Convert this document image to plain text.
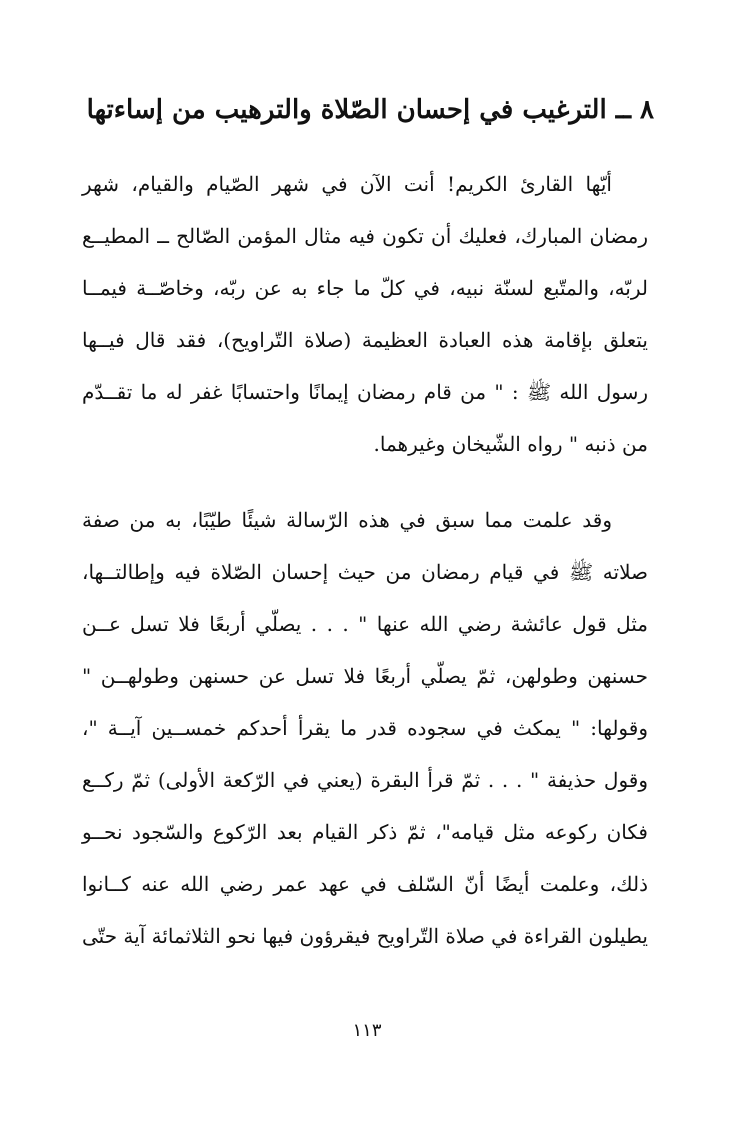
٨ ــ الترغيب في إحسان الصّلاة والترهيب من إساءتها
أيّها القارئ الكريم! أنت الآن في شهر الصّيام والقيام، شهر
رمضان المبارك، فعليك أن تكون فيه مثال المؤمن الصّالح ــ المطيــع
لربّه، والمتّبع لسنّة نبيه، في كلّ ما جاء به عن ربّه، وخاصّــة فيمــا
يتعلق بإقامة هذه العبادة العظيمة (صلاة التّراويح)، فقد قال فيــها
رسول الله ﷺ : " من قام رمضان إيمانًا واحتسابًا غفر له ما تقــدّم
من ذنبه " رواه الشّيخان وغيرهما.
وقد علمت مما سبق في هذه الرّسالة شيئًا طيّبًا، به من صفة
صلاته ﷺ في قيام رمضان من حيث إحسان الصّلاة فيه وإطالتــها،
مثل قول عائشة رضي الله عنها " . . . يصلّي أربعًا فلا تسل عــن
حسنهن وطولهن، ثمّ يصلّي أربعًا فلا تسل عن حسنهن وطولهــن "
وقولها: " يمكث في سجوده قدر ما يقرأ أحدكم خمســين آيــة "،
وقول حذيفة " . . . ثمّ قرأ البقرة (يعني في الرّكعة الأولى) ثمّ ركــع
فكان ركوعه مثل قيامه"، ثمّ ذكر القيام بعد الرّكوع والسّجود نحــو
ذلك، وعلمت أيضًا أنّ السّلف في عهد عمر رضي الله عنه كــانوا
يطيلون القراءة في صلاة التّراويح فيقرؤون فيها نحو الثلاثمائة آية حتّى
١١٣
